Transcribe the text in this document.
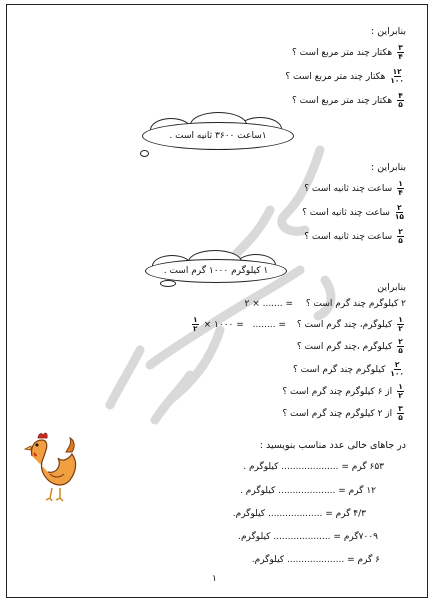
بنابراین :
$\frac{۳}{۴}$
هکتار چند متر مربع است ؟
$\frac{۱۲}{۱۰۰}$
هکتار چند متر مربع است ؟
$\frac{۴}{۵}$
هکتار چند متر مربع است ؟
۱ساعت ۳۶۰۰ ثانیه است .
بنابراین :
$\frac{۱}{۴}$
ساعت چند ثانیه است ؟
$\frac{۲}{۱۵}$
ساعت چند ثانیه است ؟
$\frac{۲}{۵}$
ساعت چند ثانیه است ؟
۱ کیلوگرم ۱۰۰۰ گرم است .
بنابراین
۲ کیلوگرم چند گرم است ؟ = ....... × ۲
$\frac{۱}{۲}$
کیلوگرم، چند گرم است ؟ = ........ = ۱۰۰۰ ×
$\frac{۱}{۲}$
$\frac{۲}{۵}$
کیلوگرم ،چند گرم است ؟
$\frac{۲}{۱۰۰}$
کیلوگرم چند گرم است ؟
$\frac{۱}{۲}$
از ۶ کیلوگرم چند گرم است ؟
$\frac{۳}{۵}$
از ۲ کیلوگرم چند گرم است ؟
در جاهای خالی عدد مناسب بنویسید :
۶۵۳ گرم = .................... کیلوگرم .
۱۲ گرم = .................... کیلوگرم .
۴/۳ گرم = ................... کیلوگرم.
۷۰۰۹گرم = .................... کیلوگرم.
۶ گرم = .................... کیلوگرم.
۱
